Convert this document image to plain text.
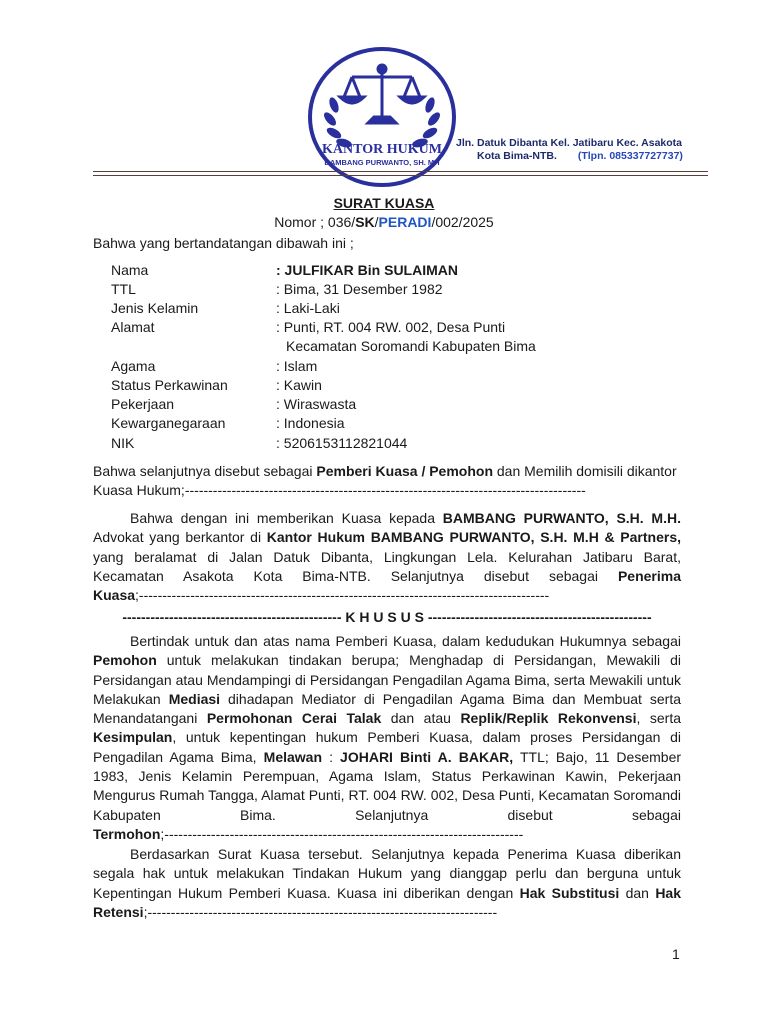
KANTOR HUKUM
BAMBANG PURWANTO, SH. MH
Jln. Datuk Dibanta Kel. Jatibaru Kec. Asakota
Kota Bima-NTB. (Tlpn. 085337727737)
SURAT KUASA
Nomor ; 036/SK/PERADI/002/2025
Bahwa yang bertandatangan dibawah ini ;
Nama	: JULFIKAR Bin SULAIMAN
TTL	: Bima, 31 Desember 1982
Jenis Kelamin	: Laki-Laki
Alamat	: Punti, RT. 004 RW. 002, Desa Punti
Kecamatan Soromandi Kabupaten Bima
Agama	: Islam
Status Perkawinan	: Kawin
Pekerjaan	: Wiraswasta
Kewarganegaraan	: Indonesia
NIK	: 5206153112821044
Bahwa selanjutnya disebut sebagai Pemberi Kuasa / Pemohon dan Memilih domisili dikantor Kuasa Hukum;--------------------------------------------------------------------------------------
Bahwa dengan ini memberikan Kuasa kepada BAMBANG PURWANTO, S.H. M.H. Advokat yang berkantor di Kantor Hukum BAMBANG PURWANTO, S.H. M.H & Partners, yang beralamat di Jalan Datuk Dibanta, Lingkungan Lela. Kelurahan Jatibaru Barat, Kecamatan Asakota Kota Bima-NTB. Selanjutnya disebut sebagai Penerima Kuasa;----------------------------------------------------------------------------------------
----------------------------------------------- K H U S U S ------------------------------------------------
Bertindak untuk dan atas nama Pemberi Kuasa, dalam kedudukan Hukumnya sebagai Pemohon untuk melakukan tindakan berupa; Menghadap di Persidangan, Mewakili di Persidangan atau Mendampingi di Persidangan Pengadilan Agama Bima, serta Mewakili untuk Melakukan Mediasi dihadapan Mediator di Pengadilan Agama Bima dan Membuat serta Menandatangani Permohonan Cerai Talak dan atau Replik/Replik Rekonvensi, serta Kesimpulan, untuk kepentingan hukum Pemberi Kuasa, dalam proses Persidangan di Pengadilan Agama Bima, Melawan : JOHARI Binti A. BAKAR, TTL; Bajo, 11 Desember 1983, Jenis Kelamin Perempuan, Agama Islam, Status Perkawinan Kawin, Pekerjaan Mengurus Rumah Tangga, Alamat Punti, RT. 004 RW. 002, Desa Punti, Kecamatan Soromandi Kabupaten Bima. Selanjutnya disebut sebagai Termohon;-----------------------------------------------------------------------------
Berdasarkan Surat Kuasa tersebut. Selanjutnya kepada Penerima Kuasa diberikan segala hak untuk melakukan Tindakan Hukum yang dianggap perlu dan berguna untuk Kepentingan Hukum Pemberi Kuasa. Kuasa ini diberikan dengan Hak Substitusi dan Hak Retensi;---------------------------------------------------------------------------
1
